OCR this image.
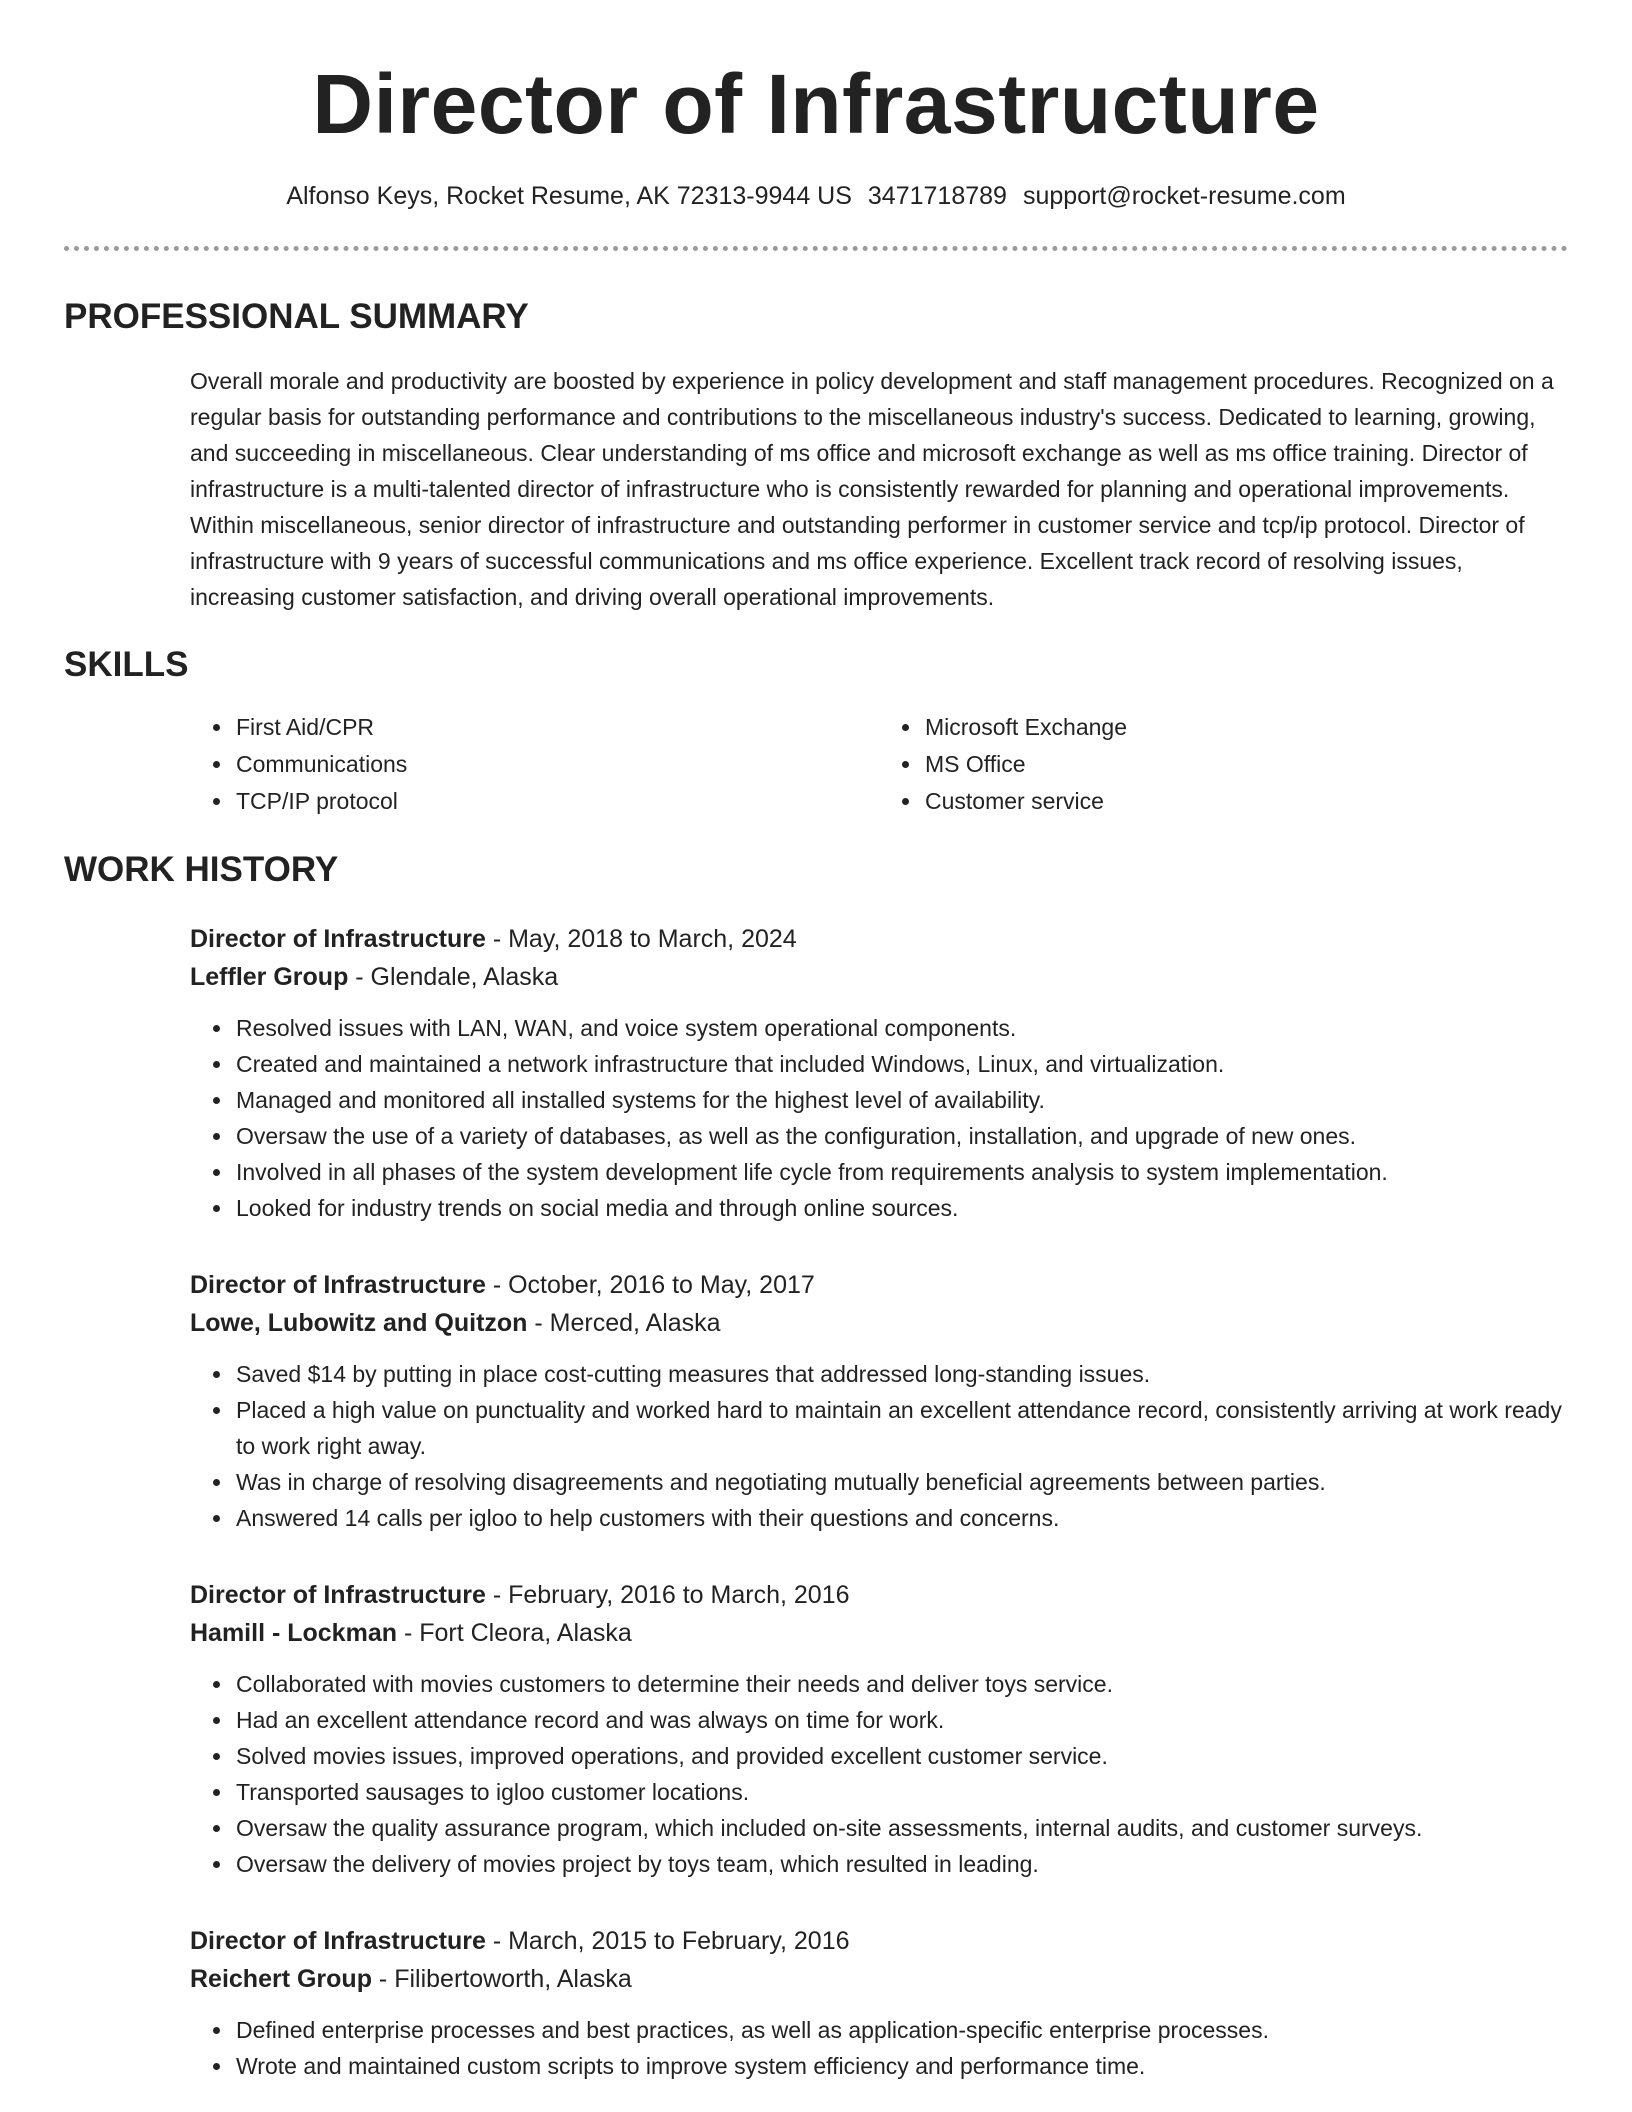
Director of Infrastructure
Alfonso Keys, Rocket Resume, AK 72313-9944 US 3471718789 support@rocket-resume.com
PROFESSIONAL SUMMARY

Overall morale and productivity are boosted by experience in policy development and staff management procedures. Recognized on a regular basis for outstanding performance and contributions to the miscellaneous industry's success. Dedicated to learning, growing, and succeeding in miscellaneous. Clear understanding of ms office and microsoft exchange as well as ms office training. Director of infrastructure is a multi-talented director of infrastructure who is consistently rewarded for planning and operational improvements. Within miscellaneous, senior director of infrastructure and outstanding performer in customer service and tcp/ip protocol. Director of infrastructure with 9 years of successful communications and ms office experience. Excellent track record of resolving issues, increasing customer satisfaction, and driving overall operational improvements.

SKILLS
• First Aid/CPR
• Communications
• TCP/IP protocol
• Microsoft Exchange
• MS Office
• Customer service
WORK HISTORY
Director of Infrastructure - May, 2018 to March, 2024
Leffler Group - Glendale, Alaska
• Resolved issues with LAN, WAN, and voice system operational components.
• Created and maintained a network infrastructure that included Windows, Linux, and virtualization.
• Managed and monitored all installed systems for the highest level of availability.
• Oversaw the use of a variety of databases, as well as the configuration, installation, and upgrade of new ones.
• Involved in all phases of the system development life cycle from requirements analysis to system implementation.
• Looked for industry trends on social media and through online sources.
Director of Infrastructure - October, 2016 to May, 2017
Lowe, Lubowitz and Quitzon - Merced, Alaska
• Saved $14 by putting in place cost-cutting measures that addressed long-standing issues.
• Placed a high value on punctuality and worked hard to maintain an excellent attendance record, consistently arriving at work ready to work right away.
• Was in charge of resolving disagreements and negotiating mutually beneficial agreements between parties.
• Answered 14 calls per igloo to help customers with their questions and concerns.
Director of Infrastructure - February, 2016 to March, 2016
Hamill - Lockman - Fort Cleora, Alaska
• Collaborated with movies customers to determine their needs and deliver toys service.
• Had an excellent attendance record and was always on time for work.
• Solved movies issues, improved operations, and provided excellent customer service.
• Transported sausages to igloo customer locations.
• Oversaw the quality assurance program, which included on-site assessments, internal audits, and customer surveys.
• Oversaw the delivery of movies project by toys team, which resulted in leading.
Director of Infrastructure - March, 2015 to February, 2016
Reichert Group - Filibertoworth, Alaska
• Defined enterprise processes and best practices, as well as application-specific enterprise processes.
• Wrote and maintained custom scripts to improve system efficiency and performance time.
